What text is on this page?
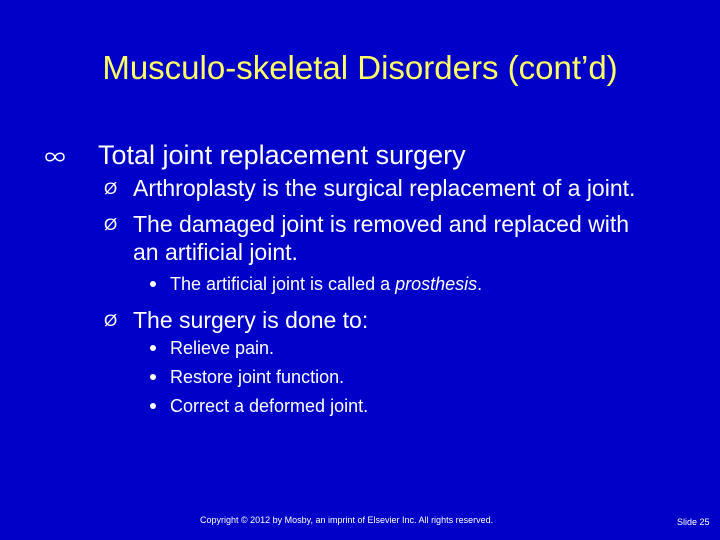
Musculo-skeletal Disorders (cont’d)
Total joint replacement surgery
Ø Arthroplasty is the surgical replacement of a joint.
Ø The damaged joint is removed and replaced with
an artificial joint.
The artificial joint is called a prosthesis.
Ø The surgery is done to:
Relieve pain.
Restore joint function.
Correct a deformed joint.
Copyright © 2012 by Mosby, an imprint of Elsevier Inc. All rights reserved.	Slide 25
